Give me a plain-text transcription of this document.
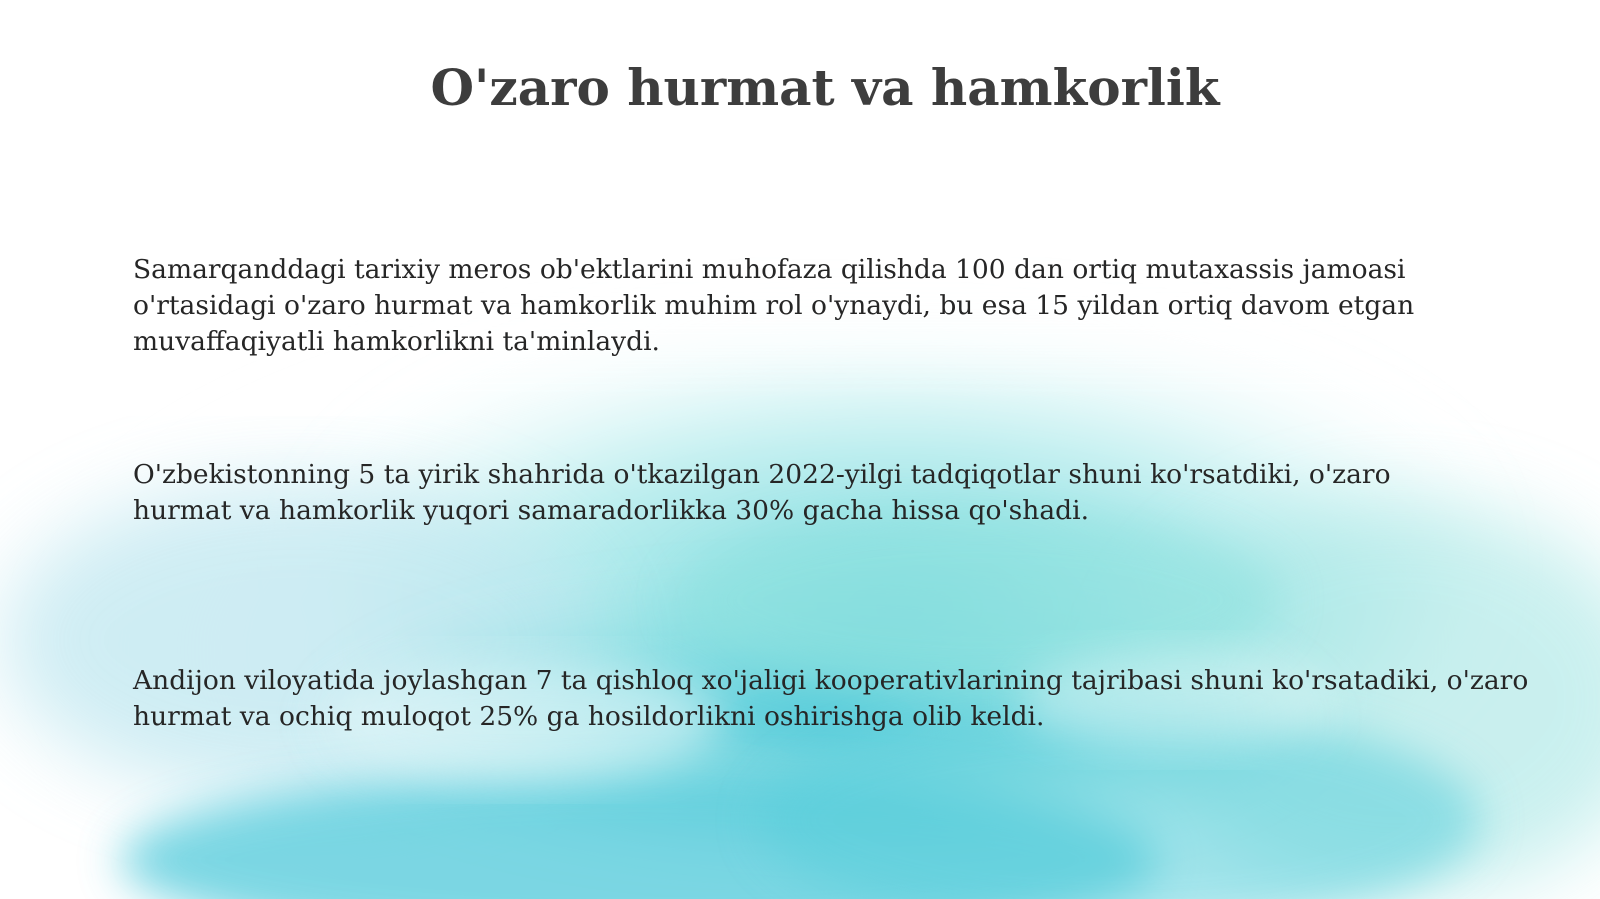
O'zaro hurmat va hamkorlik

Samarqanddagi tarixiy meros ob'ektlarini muhofaza qilishda 100 dan ortiq mutaxassis jamoasi o'rtasidagi o'zaro hurmat va hamkorlik muhim rol o'ynaydi, bu esa 15 yildan ortiq davom etgan muvaffaqiyatli hamkorlikni ta'minlaydi.

O'zbekistonning 5 ta yirik shahrida o'tkazilgan 2022-yilgi tadqiqotlar shuni ko'rsatdiki, o'zaro hurmat va hamkorlik yuqori samaradorlikka 30% gacha hissa qo'shadi.

Andijon viloyatida joylashgan 7 ta qishloq xo'jaligi kooperativlarining tajribasi shuni ko'rsatadiki, o'zaro hurmat va ochiq muloqot 25% ga hosildorlikni oshirishga olib keldi.
